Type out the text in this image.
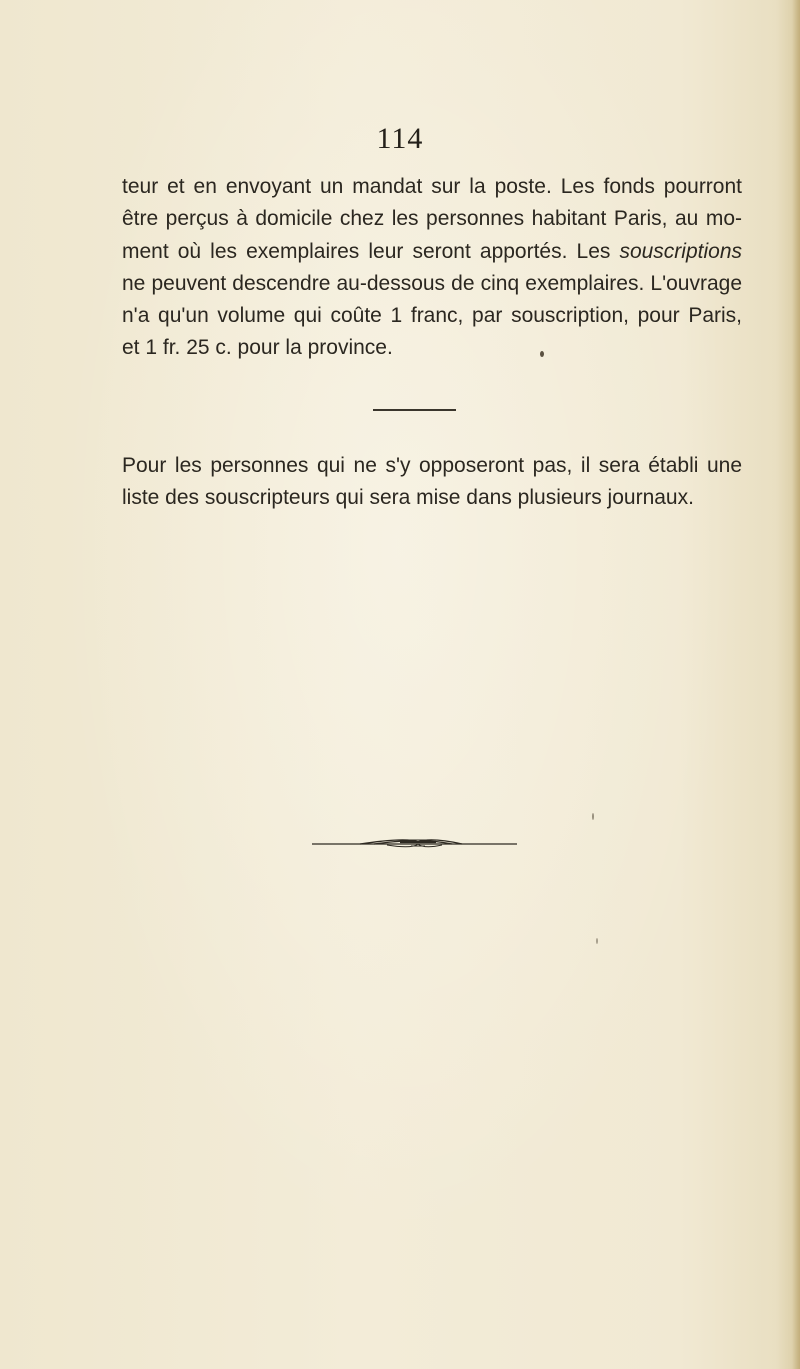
114

teur et en envoyant un mandat sur la poste. Les fonds pourront
être perçus à domicile chez les personnes habitant Paris, au mo-
ment où les exemplaires leur seront apportés. Les souscriptions
ne peuvent descendre au-dessous de cinq exemplaires. L'ouvrage
n'a qu'un volume qui coûte 1 franc, par souscription, pour Paris,
et 1 fr. 25 c. pour la province.

Pour les personnes qui ne s'y opposeront pas, il sera établi une
liste des souscripteurs qui sera mise dans plusieurs journaux.
